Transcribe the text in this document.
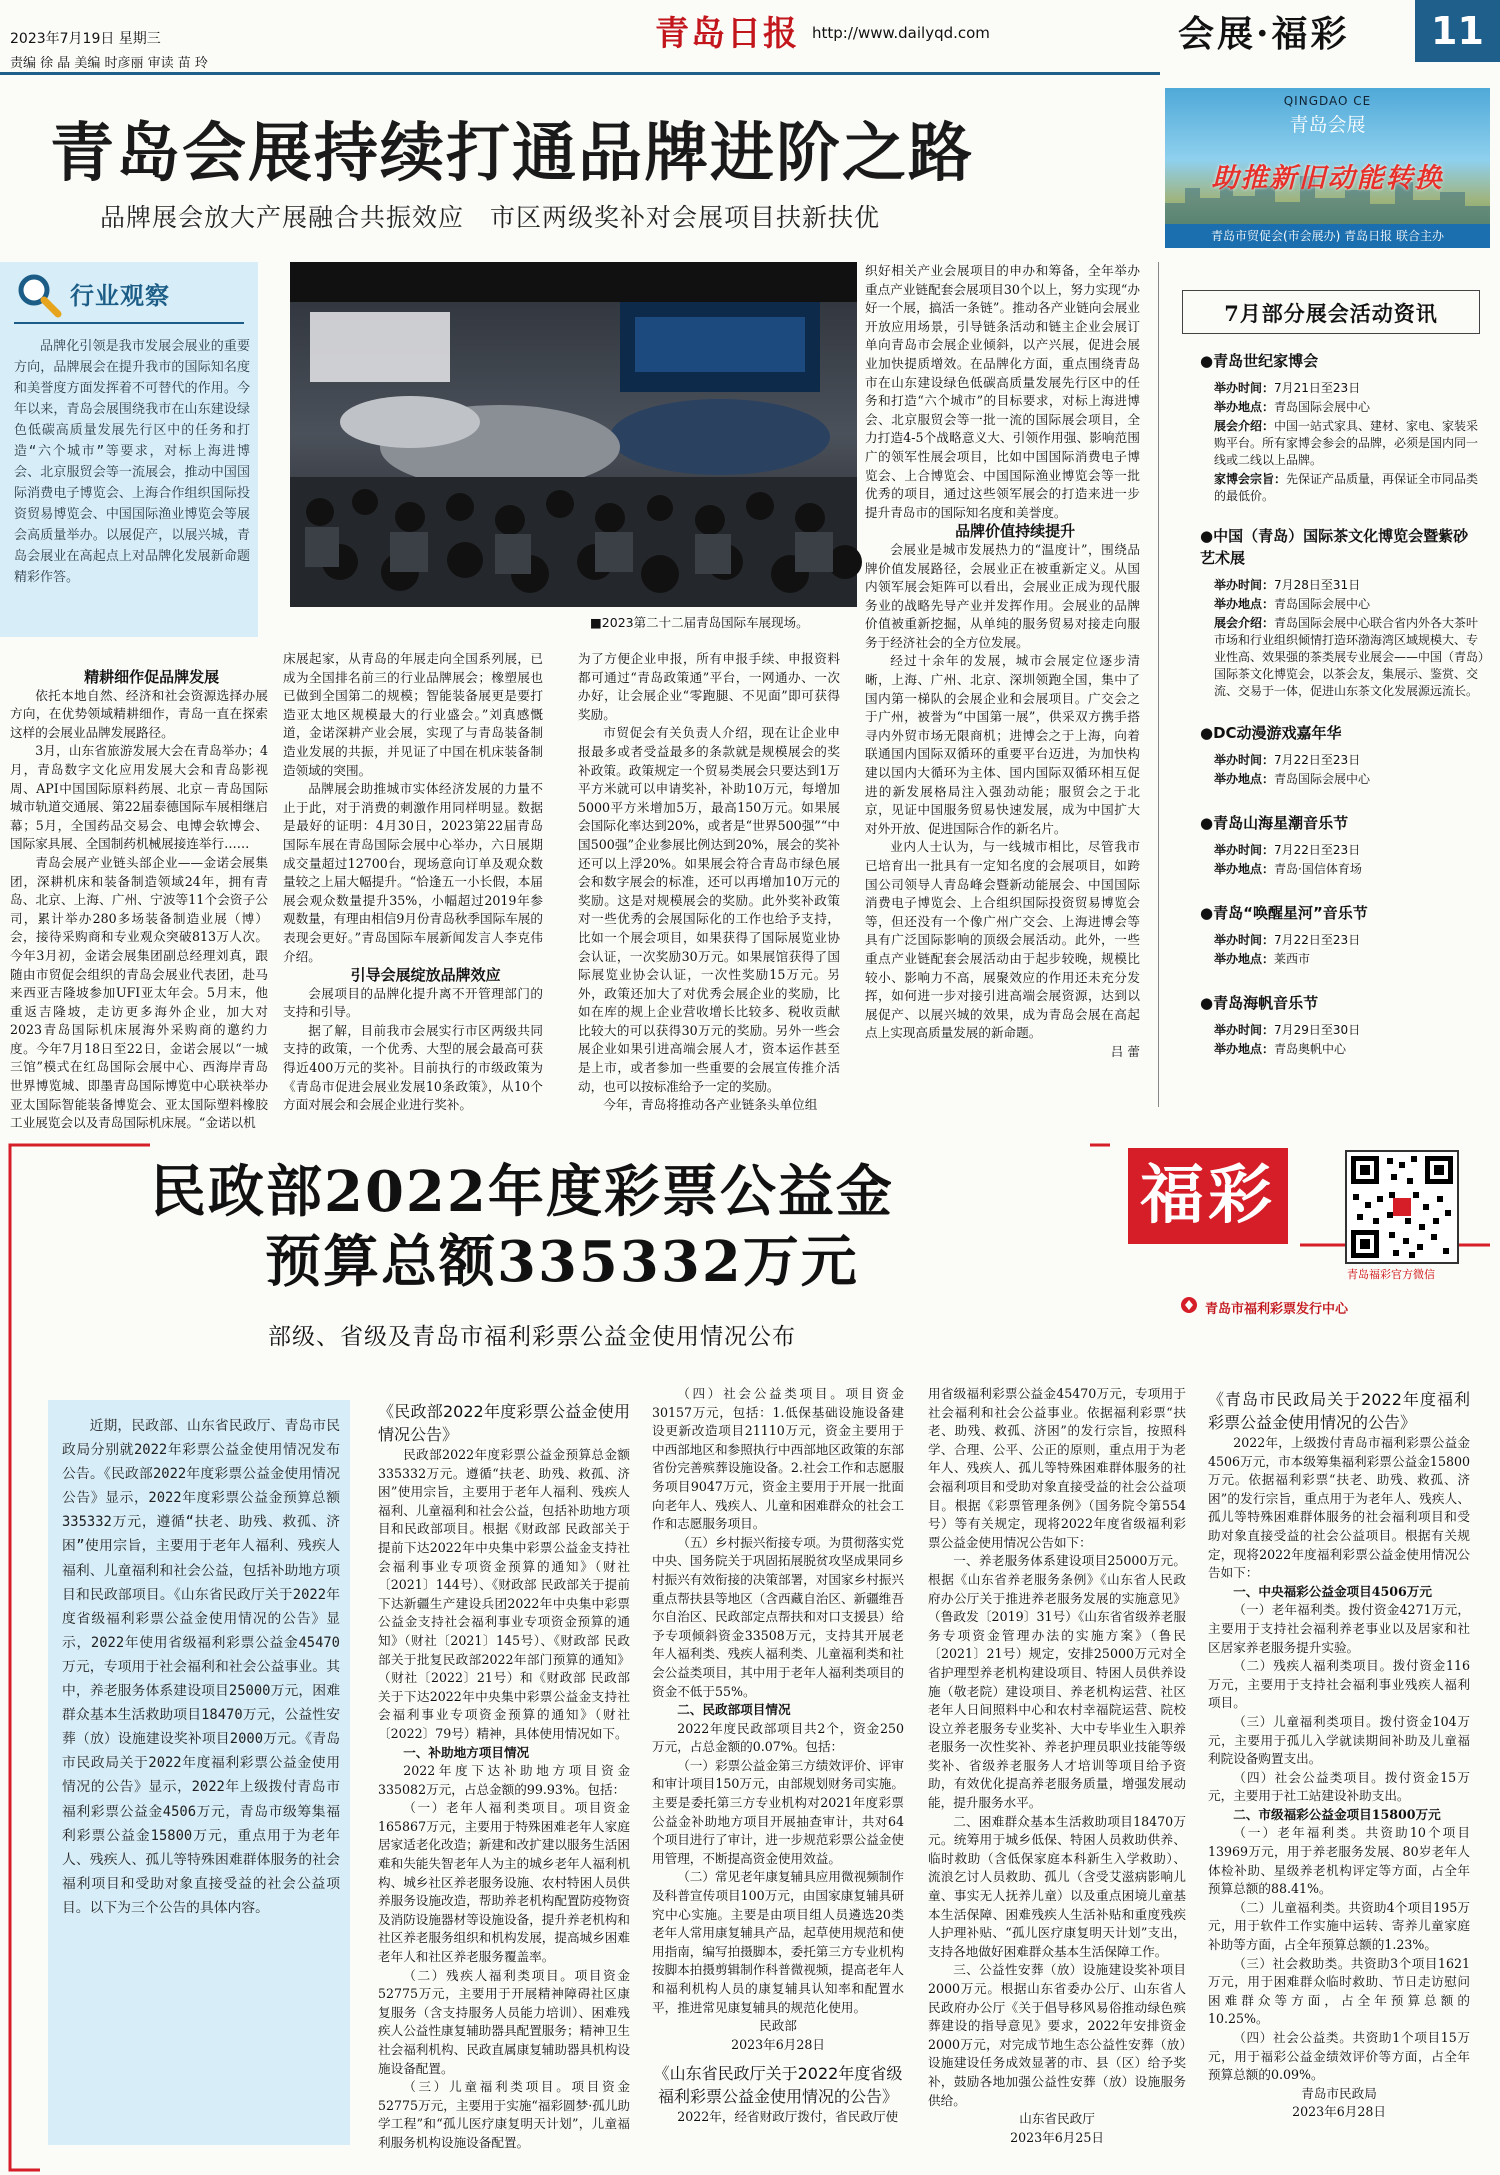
2023年7月19日 星期三
责编 徐 晶 美编 时彦丽 审读 苗 玲
青岛日报 http://www.dailyqd.com	会展·福彩	11
青岛会展持续打通品牌进阶之路
品牌展会放大产展融合共振效应　市区两级奖补对会展项目扶新扶优
QINGDAO CE
青岛会展
助推新旧动能转换
青岛市贸促会(市会展办) 青岛日报 联合主办
行业观察
品牌化引领是我市发展会展业的重要方向，品牌展会在提升我市的国际知名度和美誉度方面发挥着不可替代的作用。今年以来，青岛会展围绕我市在山东建设绿色低碳高质量发展先行区中的任务和打造“六个城市”等要求，对标上海进博会、北京服贸会等一流展会，推动中国国际消费电子博览会、上海合作组织国际投资贸易博览会、中国国际渔业博览会等展会高质量举办。以展促产，以展兴城，青岛会展业在高起点上对品牌化发展新命题精彩作答。
■2023第二十二届青岛国际车展现场。

精耕细作促品牌发展

依托本地自然、经济和社会资源选择办展方向，在优势领域精耕细作，青岛一直在探索这样的会展业品牌发展路径。

3月，山东省旅游发展大会在青岛举办；4月，青岛数字文化应用发展大会和青岛影视周、API中国国际原料药展、北京－青岛国际城市轨道交通展、第22届泰德国际车展相继启幕；5月，全国药品交易会、电博会软博会、国际家具展、全国制药机械展接连举行……

青岛会展产业链头部企业——金诺会展集团，深耕机床和装备制造领域24年，拥有青岛、北京、上海、广州、宁波等11个会资子公司，累计举办280多场装备制造业展（博）会，接待采购商和专业观众突破813万人次。今年3月初，金诺会展集团副总经理刘真，跟随由市贸促会组织的青岛会展业代表团，赴马来西亚吉隆坡参加UFI亚太年会。5月末，他重返吉隆坡，走访更多海外企业，加大对2023青岛国际机床展海外采购商的邀约力度。今年7月18日至22日，金诺会展以“一城三馆”模式在红岛国际会展中心、西海岸青岛世界博览城、即墨青岛国际博览中心联袂举办亚太国际智能装备博览会、亚太国际塑料橡胶工业展览会以及青岛国际机床展。“金诺以机

床展起家，从青岛的年展走向全国系列展，已成为全国排名前三的行业品牌展会；橡塑展也已做到全国第二的规模；智能装备展更是要打造亚太地区规模最大的行业盛会。”刘真感慨道，金诺深耕产业会展，实现了与青岛装备制造业发展的共振，并见证了中国在机床装备制造领域的突围。

品牌展会助推城市实体经济发展的力量不止于此，对于消费的刺激作用同样明显。数据是最好的证明：4月30日，2023第22届青岛国际车展在青岛国际会展中心举办，六日展期成交量超过12700台，现场意向订单及观众数量较之上届大幅提升。“恰逢五一小长假，本届展会观众数量提升35%，小幅超过2019年参观数量，有理由相信9月份青岛秋季国际车展的表现会更好。”青岛国际车展新闻发言人李克伟介绍。

引导会展绽放品牌效应

会展项目的品牌化提升离不开管理部门的支持和引导。

据了解，目前我市会展实行市区两级共同支持的政策，一个优秀、大型的展会最高可获得近400万元的奖补。目前执行的市级政策为《青岛市促进会展业发展10条政策》，从10个方面对展会和会展企业进行奖补。

为了方便企业申报，所有申报手续、申报资料都可通过“青岛政策通”平台，一网通办、一次办好，让会展企业“零跑腿、不见面”即可获得奖励。

市贸促会有关负责人介绍，现在让企业申报最多或者受益最多的条款就是规模展会的奖补政策。政策规定一个贸易类展会只要达到1万平方米就可以申请奖补，补助10万元，每增加5000平方米增加5万，最高150万元。如果展会国际化率达到20%，或者是“世界500强”“中国500强”企业参展比例达到20%，展会的奖补还可以上浮20%。如果展会符合青岛市绿色展会和数字展会的标准，还可以再增加10万元的奖励。这是对规模展会的奖励。此外奖补政策对一些优秀的会展国际化的工作也给予支持，比如一个展会项目，如果获得了国际展览业协会认证，一次奖励30万元。如果展馆获得了国际展览业协会认证，一次性奖励15万元。另外，政策还加大了对优秀会展企业的奖励，比如在库的规上企业营收增长比较多、税收贡献比较大的可以获得30万元的奖励。另外一些会展企业如果引进高端会展人才，资本运作甚至是上市，或者参加一些重要的会展宣传推介活动，也可以按标准给予一定的奖励。

今年，青岛将推动各产业链条头单位组

织好相关产业会展项目的申办和筹备，全年举办重点产业链配套会展项目30个以上，努力实现“办好一个展，搞活一条链”。推动各产业链向会展业开放应用场景，引导链条活动和链主企业会展订单向青岛市会展企业倾斜，以产兴展，促进会展业加快提质增效。在品牌化方面，重点围绕青岛市在山东建设绿色低碳高质量发展先行区中的任务和打造“六个城市”的目标要求，对标上海进博会、北京服贸会等一批一流的国际展会项目，全力打造4-5个战略意义大、引领作用强、影响范围广的领军性展会项目，比如中国国际消费电子博览会、上合博览会、中国国际渔业博览会等一批优秀的项目，通过这些领军展会的打造来进一步提升青岛市的国际知名度和美誉度。

品牌价值持续提升

会展业是城市发展热力的“温度计”，围绕品牌价值发展路径，会展业正在被重新定义。从国内领军展会矩阵可以看出，会展业正成为现代服务业的战略先导产业并发挥作用。会展业的品牌价值被重新挖掘，从单纯的服务贸易对接走向服务于经济社会的全方位发展。

经过十余年的发展，城市会展定位逐步清晰，上海、广州、北京、深圳领跑全国，集中了国内第一梯队的会展企业和会展项目。广交会之于广州，被誉为“中国第一展”，供采双方携手搭寻内外贸市场无限商机；进博会之于上海，向着联通国内国际双循环的重要平台迈进，为加快构建以国内大循环为主体、国内国际双循环相互促进的新发展格局注入强劲动能；服贸会之于北京，见证中国服务贸易快速发展，成为中国扩大对外开放、促进国际合作的新名片。

业内人士认为，与一线城市相比，尽管我市已培育出一批具有一定知名度的会展项目，如跨国公司领导人青岛峰会暨新动能展会、中国国际消费电子博览会、上合组织国际投资贸易博览会等，但还没有一个像广州广交会、上海进博会等具有广泛国际影响的顶级会展活动。此外，一些重点产业链配套会展活动由于起步较晚，规模比较小、影响力不高，展聚效应的作用还未充分发挥，如何进一步对接引进高端会展资源，达到以展促产、以展兴城的效果，成为青岛会展在高起点上实现高质量发展的新命题。

吕 蕾

7月部分展会活动资讯
●青岛世纪家博会
举办时间：7月21日至23日
举办地点：青岛国际会展中心
展会介绍：中国一站式家具、建材、家电、家装采购平台。所有家博会参会的品牌，必须是国内同一线或二线以上品牌。
家博会宗旨：先保证产品质量，再保证全市同品类的最低价。
●中国（青岛）国际茶文化博览会暨紫砂艺术展
举办时间：7月28日至31日
举办地点：青岛国际会展中心
展会介绍：青岛国际会展中心联合省内外各大茶叶市场和行业组织倾情打造环渤海湾区域规模大、专业性高、效果强的茶类展专业展会——中国（青岛）国际茶文化博览会，以茶会友，集展示、鉴赏、交流、交易于一体，促进山东茶文化发展源远流长。
●DC动漫游戏嘉年华
举办时间：7月22日至23日
举办地点：青岛国际会展中心
●青岛山海星潮音乐节
举办时间：7月22日至23日
举办地点：青岛·国信体育场
●青岛“唤醒星河”音乐节
举办时间：7月22日至23日
举办地点：莱西市
●青岛海帆音乐节
举办时间：7月29日至30日
举办地点：青岛奥帆中心
民政部2022年度彩票公益金
预算总额335332万元
部级、省级及青岛市福利彩票公益金使用情况公布
福彩
青岛福彩官方微信
青岛市福利彩票发行中心
近期，民政部、山东省民政厅、青岛市民政局分别就2022年彩票公益金使用情况发布公告。《民政部2022年度彩票公益金使用情况公告》显示，2022年度彩票公益金预算总额335332万元，遵循“扶老、助残、救孤、济困”使用宗旨，主要用于老年人福利、残疾人福利、儿童福利和社会公益，包括补助地方项目和民政部项目。《山东省民政厅关于2022年度省级福利彩票公益金使用情况的公告》显示，2022年使用省级福利彩票公益金45470万元，专项用于社会福利和社会公益事业。其中，养老服务体系建设项目25000万元，困难群众基本生活救助项目18470万元，公益性安葬（放）设施建设奖补项目2000万元。《青岛市民政局关于2022年度福利彩票公益金使用情况的公告》显示，2022年上级拨付青岛市福利彩票公益金4506万元，青岛市级筹集福利彩票公益金15800万元，重点用于为老年人、残疾人、孤儿等特殊困难群体服务的社会福利项目和受助对象直接受益的社会公益项目。以下为三个公告的具体内容。

《民政部2022年度彩票公益金使用情况公告》

民政部2022年度彩票公益金预算总金额335332万元。遵循“扶老、助残、救孤、济困”使用宗旨，主要用于老年人福利、残疾人福利、儿童福利和社会公益，包括补助地方项目和民政部项目。根据《财政部 民政部关于提前下达2022年中央集中彩票公益金支持社会福利事业专项资金预算的通知》（财社〔2021〕144号）、《财政部 民政部关于提前下达新疆生产建设兵团2022年中央集中彩票公益金支持社会福利事业专项资金预算的通知》（财社〔2021〕145号）、《财政部 民政部关于批复民政部2022年部门预算的通知》（财社〔2022〕21号）和《财政部 民政部关于下达2022年中央集中彩票公益金支持社会福利事业专项资金预算的通知》（财社〔2022〕79号）精神，具体使用情况如下。

一、补助地方项目情况

2022年度下达补助地方项目资金335082万元，占总金额的99.93%。包括：

（一）老年人福利类项目。项目资金165867万元，主要用于特殊困难老年人家庭居家适老化改造；新建和改扩建以服务生活困难和失能失智老年人为主的城乡老年人福利机构、城乡社区养老服务设施、农村特困人员供养服务设施改造，帮助养老机构配置防疫物资及消防设施器材等设施设备，提升养老机构和社区养老服务组织和机构发展，提高城乡困难老年人和社区养老服务覆盖率。

（二）残疾人福利类项目。项目资金52775万元，主要用于开展精神障碍社区康复服务（含支持服务人员能力培训）、困难残疾人公益性康复辅助器具配置服务；精神卫生社会福利机构、民政直属康复辅助器具机构设施设备配置。

（三）儿童福利类项目。项目资金52775万元，主要用于实施“福彩圆梦·孤儿助学工程”和“孤儿医疗康复明天计划”，儿童福利服务机构设施设备配置。

（四）社会公益类项目。项目资金30157万元，包括：1.低保基础设施设备建设更新改造项目21110万元，资金主要用于中西部地区和参照执行中西部地区政策的东部省份完善殡葬设施设备。2.社会工作和志愿服务项目9047万元，资金主要用于开展一批面向老年人、残疾人、儿童和困难群众的社会工作和志愿服务项目。

（五）乡村振兴衔接专项。为贯彻落实党中央、国务院关于巩固拓展脱贫攻坚成果同乡村振兴有效衔接的决策部署，对国家乡村振兴重点帮扶县等地区（含西藏自治区、新疆维吾尔自治区、民政部定点帮扶和对口支援县）给予专项倾斜资金33508万元，支持其开展老年人福利类、残疾人福利类、儿童福利类和社会公益类项目，其中用于老年人福利类项目的资金不低于55%。

二、民政部项目情况

2022年度民政部项目共2个，资金250万元，占总金额的0.07%。包括：

（一）彩票公益金第三方绩效评价、评审和审计项目150万元，由部规划财务司实施。主要是委托第三方专业机构对2021年度彩票公益金补助地方项目开展抽查审计，共对64个项目进行了审计，进一步规范彩票公益金使用管理，不断提高资金使用效益。

（二）常见老年康复辅具应用微视频制作及科普宣传项目100万元，由国家康复辅具研究中心实施。主要是由项目组人员遴选20类老年人常用康复辅具产品，起草使用规范和使用指南，编写拍摄脚本，委托第三方专业机构按脚本拍摄剪辑制作科普微视频，提高老年人和福利机构人员的康复辅具认知率和配置水平，推进常见康复辅具的规范化使用。

民政部

2023年6月28日

《山东省民政厅关于2022年度省级福利彩票公益金使用情况的公告》

2022年，经省财政厅拨付，省民政厅使

用省级福利彩票公益金45470万元，专项用于社会福利和社会公益事业。依据福利彩票“扶老、助残、救孤、济困”的发行宗旨，按照科学、合理、公平、公正的原则，重点用于为老年人、残疾人、孤儿等特殊困难群体服务的社会福利项目和受助对象直接受益的社会公益项目。根据《彩票管理条例》（国务院令第554号）等有关规定，现将2022年度省级福利彩票公益金使用情况公告如下：

一、养老服务体系建设项目25000万元。根据《山东省养老服务条例》《山东省人民政府办公厅关于推进养老服务发展的实施意见》（鲁政发〔2019〕31号）《山东省省级养老服务专项资金管理办法的实施方案》（鲁民〔2021〕21号）规定，安排25000万元对全省护理型养老机构建设项目、特困人员供养设施（敬老院）建设项目、养老机构运营、社区老年人日间照料中心和农村幸福院运营、院校设立养老服务专业奖补、大中专毕业生入职养老服务一次性奖补、养老护理员职业技能等级奖补、省级养老服务人才培训等项目给予资助，有效优化提高养老服务质量，增强发展动能，提升服务水平。

二、困难群众基本生活救助项目18470万元。统筹用于城乡低保、特困人员救助供养、临时救助（含低保家庭本科新生入学救助）、流浪乞讨人员救助、孤儿（含受艾滋病影响儿童、事实无人抚养儿童）以及重点困境儿童基本生活保障、困难残疾人生活补贴和重度残疾人护理补贴、“孤儿医疗康复明天计划”支出，支持各地做好困难群众基本生活保障工作。

三、公益性安葬（放）设施建设奖补项目2000万元。根据山东省委办公厅、山东省人民政府办公厅《关于倡导移风易俗推动绿色殡葬建设的指导意见》要求，2022年安排资金2000万元，对完成节地生态公益性安葬（放）设施建设任务成效显著的市、县（区）给予奖补，鼓励各地加强公益性安葬（放）设施服务供给。

山东省民政厅

2023年6月25日

《青岛市民政局关于2022年度福利彩票公益金使用情况的公告》

2022年，上级拨付青岛市福利彩票公益金4506万元，市本级筹集福利彩票公益金15800万元。依据福利彩票“扶老、助残、救孤、济困”的发行宗旨，重点用于为老年人、残疾人、孤儿等特殊困难群体服务的社会福利项目和受助对象直接受益的社会公益项目。根据有关规定，现将2022年度福利彩票公益金使用情况公告如下：

一、中央福彩公益金项目4506万元

（一）老年福利类。拨付资金4271万元，主要用于支持社会福利养老事业以及居家和社区居家养老服务提升实验。

（二）残疾人福利类项目。拨付资金116万元，主要用于支持社会福利事业残疾人福利项目。

（三）儿童福利类项目。拨付资金104万元，主要用于孤儿入学就读期间补助及儿童福利院设备购置支出。

（四）社会公益类项目。拨付资金15万元，主要用于社工站建设补助支出。

二、市级福彩公益金项目15800万元

（一）老年福利类。共资助10个项目13969万元，用于养老服务发展、80岁老年人体检补助、星级养老机构评定等方面，占全年预算总额的88.41%。

（二）儿童福利类。共资助4个项目195万元，用于软件工作实施中运转、寄养儿童家庭补助等方面，占全年预算总额的1.23%。

（三）社会救助类。共资助3个项目1621万元，用于困难群众临时救助、节日走访慰问困难群众等方面，占全年预算总额的10.25%。

（四）社会公益类。共资助1个项目15万元，用于福彩公益金绩效评价等方面，占全年预算总额的0.09%。

青岛市民政局

2023年6月28日
